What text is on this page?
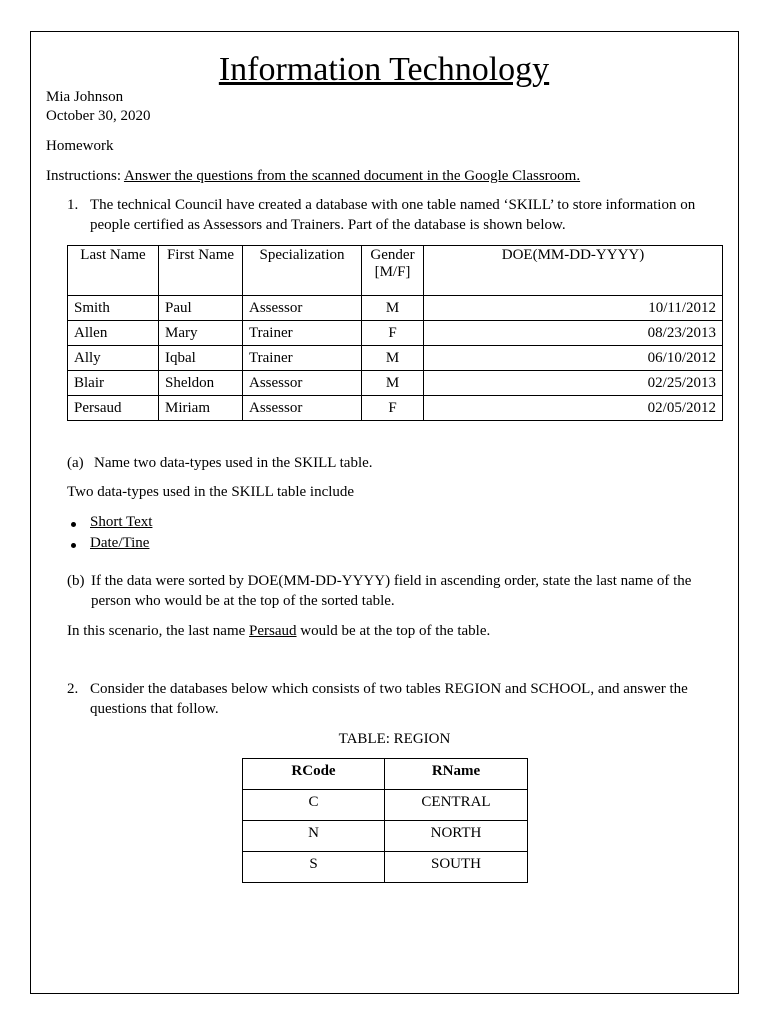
Information Technology
Mia Johnson
October 30, 2020
Homework
Instructions: Answer the questions from the scanned document in the Google Classroom.
1. The technical Council have created a database with one table named ‘SKILL’ to store information on people certified as Assessors and Trainers. Part of the database is shown below.
Last Name	First Name	Specialization	Gender [M/F]	DOE(MM-DD-YYYY)
Smith	Paul	Assessor	M	10/11/2012
Allen	Mary	Trainer	F	08/23/2013
Ally	Iqbal	Trainer	M	06/10/2012
Blair	Sheldon	Assessor	M	02/25/2013
Persaud	Miriam	Assessor	F	02/05/2012
(a) Name two data-types used in the SKILL table.
Two data-types used in the SKILL table include
Short Text
Date/Tine
(b) If the data were sorted by DOE(MM-DD-YYYY) field in ascending order, state the last name of the person who would be at the top of the sorted table.
In this scenario, the last name Persaud would be at the top of the table.
2. Consider the databases below which consists of two tables REGION and SCHOOL, and answer the questions that follow.
TABLE: REGION
RCode	RName
C	CENTRAL
N	NORTH
S	SOUTH
